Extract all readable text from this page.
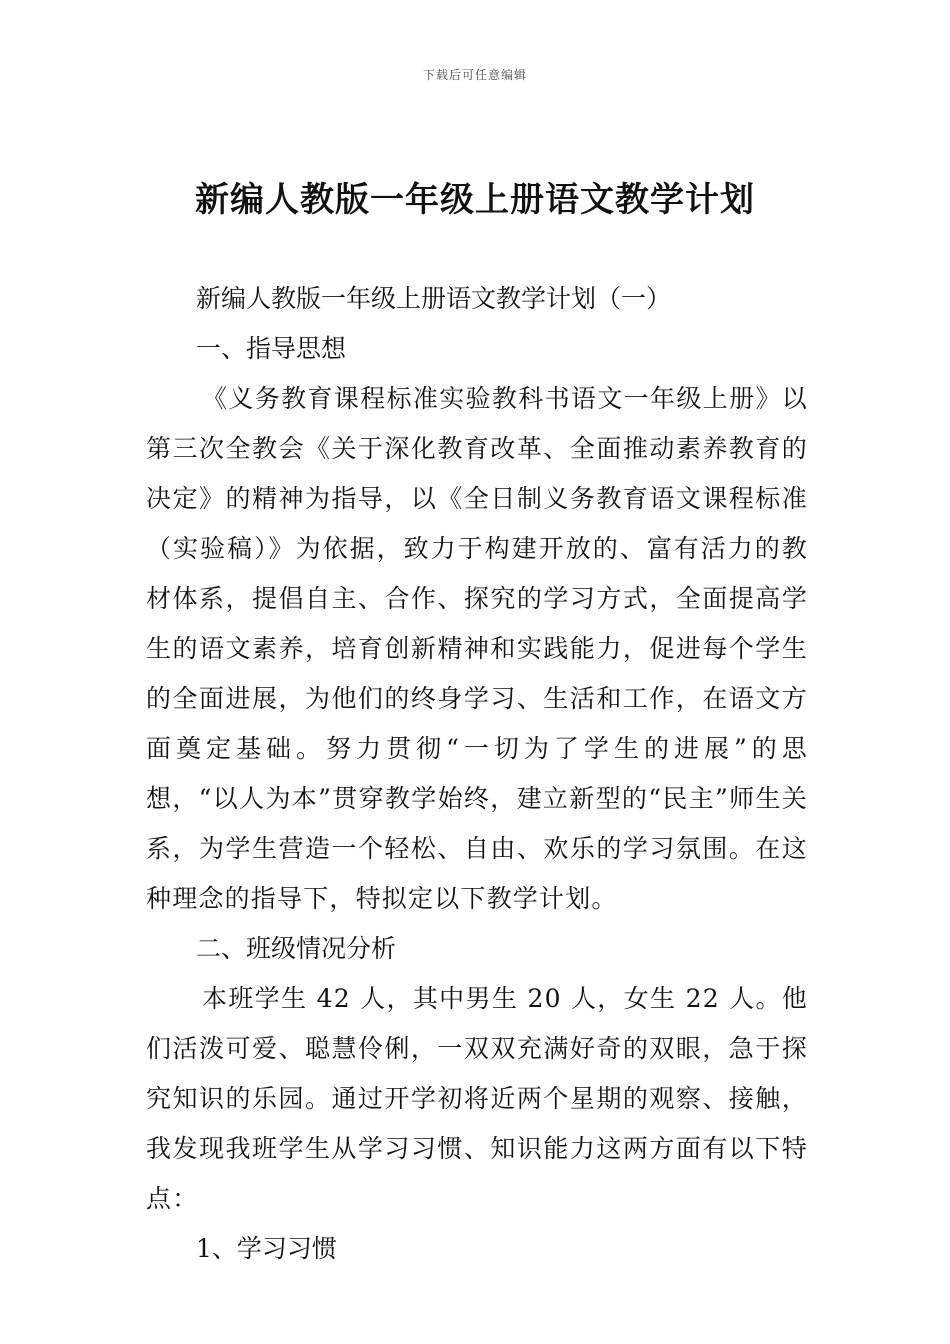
下载后可任意编辑
新编人教版一年级上册语文教学计划

新编人教版一年级上册语文教学计划（一）

一、指导思想

《义务教育课程标准实验教科书语文一年级上册》以第三次全教会《关于深化教育改革、全面推动素养教育的决定》的精神为指导，以《全日制义务教育语文课程标准（实验稿）》为依据，致力于构建开放的、富有活力的教材体系，提倡自主、合作、探究的学习方式，全面提高学生的语文素养，培育创新精神和实践能力，促进每个学生的全面进展，为他们的终身学习、生活和工作，在语文方面奠定基础。努力贯彻“一切为了学生的进展”的思想，“以人为本”贯穿教学始终，建立新型的“民主”师生关系，为学生营造一个轻松、自由、欢乐的学习氛围。在这种理念的指导下，特拟定以下教学计划。

二、班级情况分析

本班学生 42 人，其中男生 20 人，女生 22 人。他们活泼可爱、聪慧伶俐，一双双充满好奇的双眼，急于探究知识的乐园。通过开学初将近两个星期的观察、接触，我发现我班学生从学习习惯、知识能力这两方面有以下特点：

1、学习习惯
